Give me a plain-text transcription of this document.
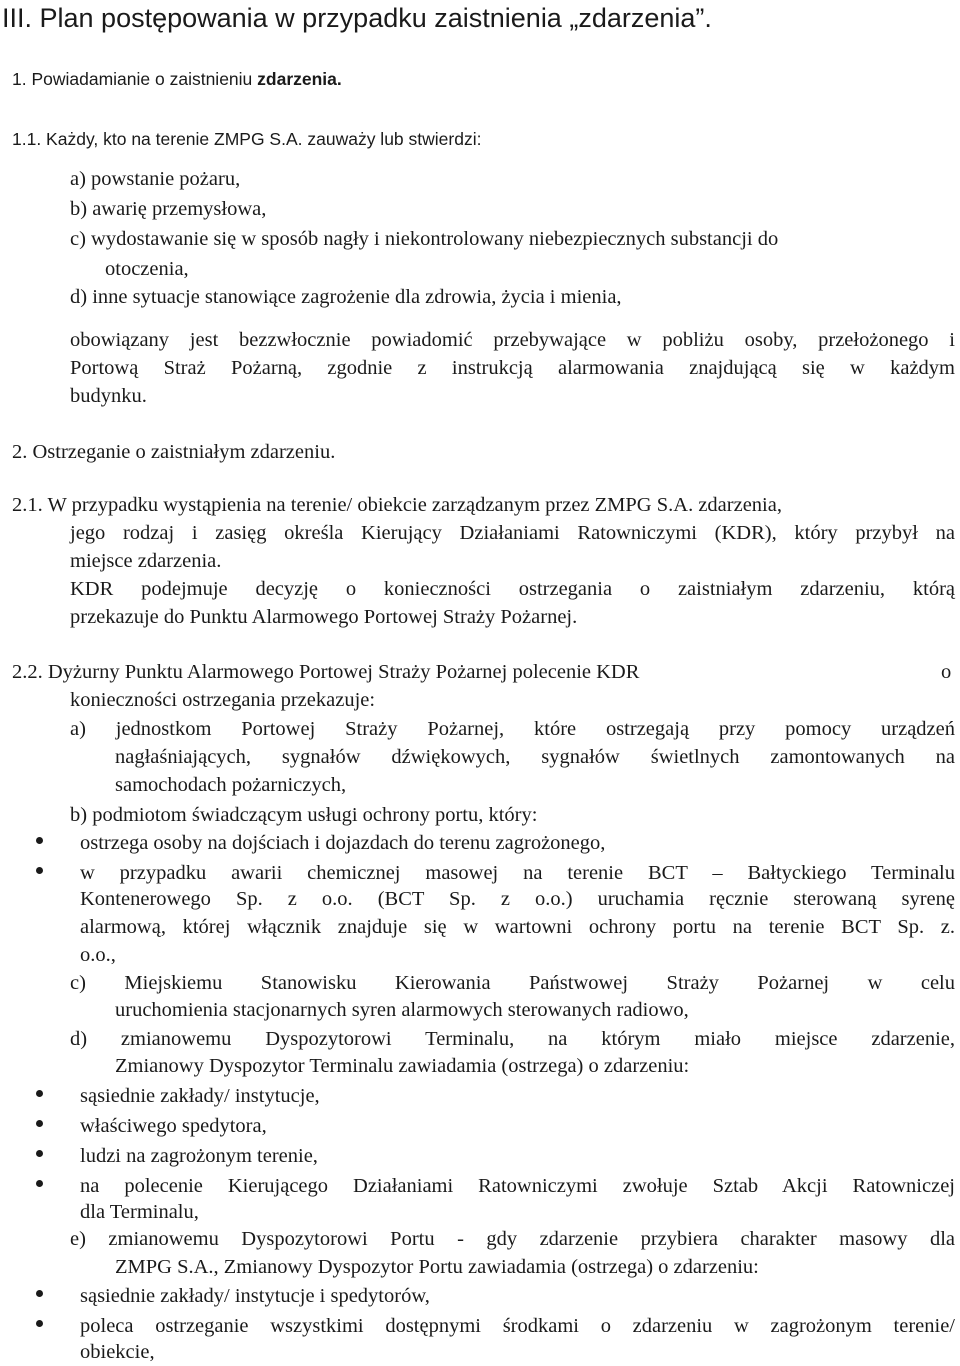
III. Plan postępowania w przypadku zaistnienia „zdarzenia”.
1. Powiadamianie o zaistnieniu zdarzenia.
1.1. Każdy, kto na terenie ZMPG S.A. zauważy lub stwierdzi:
a) powstanie pożaru,
b) awarię przemysłowa,
c) wydostawanie się w sposób nagły i niekontrolowany niebezpiecznych substancji do
otoczenia,
d) inne sytuacje stanowiące zagrożenie dla zdrowia, życia i mienia,
obowiązany jest bezzwłocznie powiadomić przebywające w pobliżu osoby, przełożonego i
Portową Straż Pożarną, zgodnie z instrukcją alarmowania znajdującą się w każdym
budynku.
2. Ostrzeganie o zaistniałym zdarzeniu.
2.1. W przypadku wystąpienia na terenie/ obiekcie zarządzanym przez ZMPG S.A. zdarzenia,
jego rodzaj i zasięg określa Kierujący Działaniami Ratowniczymi (KDR), który przybył na
miejsce zdarzenia.
KDR podejmuje decyzję o konieczności ostrzegania o zaistniałym zdarzeniu, którą
przekazuje do Punktu Alarmowego Portowej Straży Pożarnej.
2.2. Dyżurny Punktu Alarmowego Portowej Straży Pożarnej polecenie KDR	o
konieczności ostrzegania przekazuje:
a) jednostkom Portowej Straży Pożarnej, które ostrzegają przy pomocy urządzeń
nagłaśniających, sygnałów dźwiękowych, sygnałów świetlnych zamontowanych na
samochodach pożarniczych,
b) podmiotom świadczącym usługi ochrony portu, który:
ostrzega osoby na dojściach i dojazdach do terenu zagrożonego,
w przypadku awarii chemicznej masowej na terenie BCT – Bałtyckiego Terminalu
Kontenerowego Sp. z o.o. (BCT Sp. z o.o.) uruchamia ręcznie sterowaną syrenę
alarmową, której włącznik znajduje się w wartowni ochrony portu na terenie BCT Sp. z.
o.o.,
c) Miejskiemu Stanowisku Kierowania Państwowej Straży Pożarnej w celu
uruchomienia stacjonarnych syren alarmowych sterowanych radiowo,
d) zmianowemu Dyspozytorowi Terminalu, na którym miało miejsce zdarzenie,
Zmianowy Dyspozytor Terminalu zawiadamia (ostrzega) o zdarzeniu:
sąsiednie zakłady/ instytucje,
właściwego spedytora,
ludzi na zagrożonym terenie,
na polecenie Kierującego Działaniami Ratowniczymi zwołuje Sztab Akcji Ratowniczej
dla Terminalu,
e) zmianowemu Dyspozytorowi Portu - gdy zdarzenie przybiera charakter masowy dla
ZMPG S.A., Zmianowy Dyspozytor Portu zawiadamia (ostrzega) o zdarzeniu:
sąsiednie zakłady/ instytucje i spedytorów,
poleca ostrzeganie wszystkimi dostępnymi środkami o zdarzeniu w zagrożonym terenie/
obiekcie,
